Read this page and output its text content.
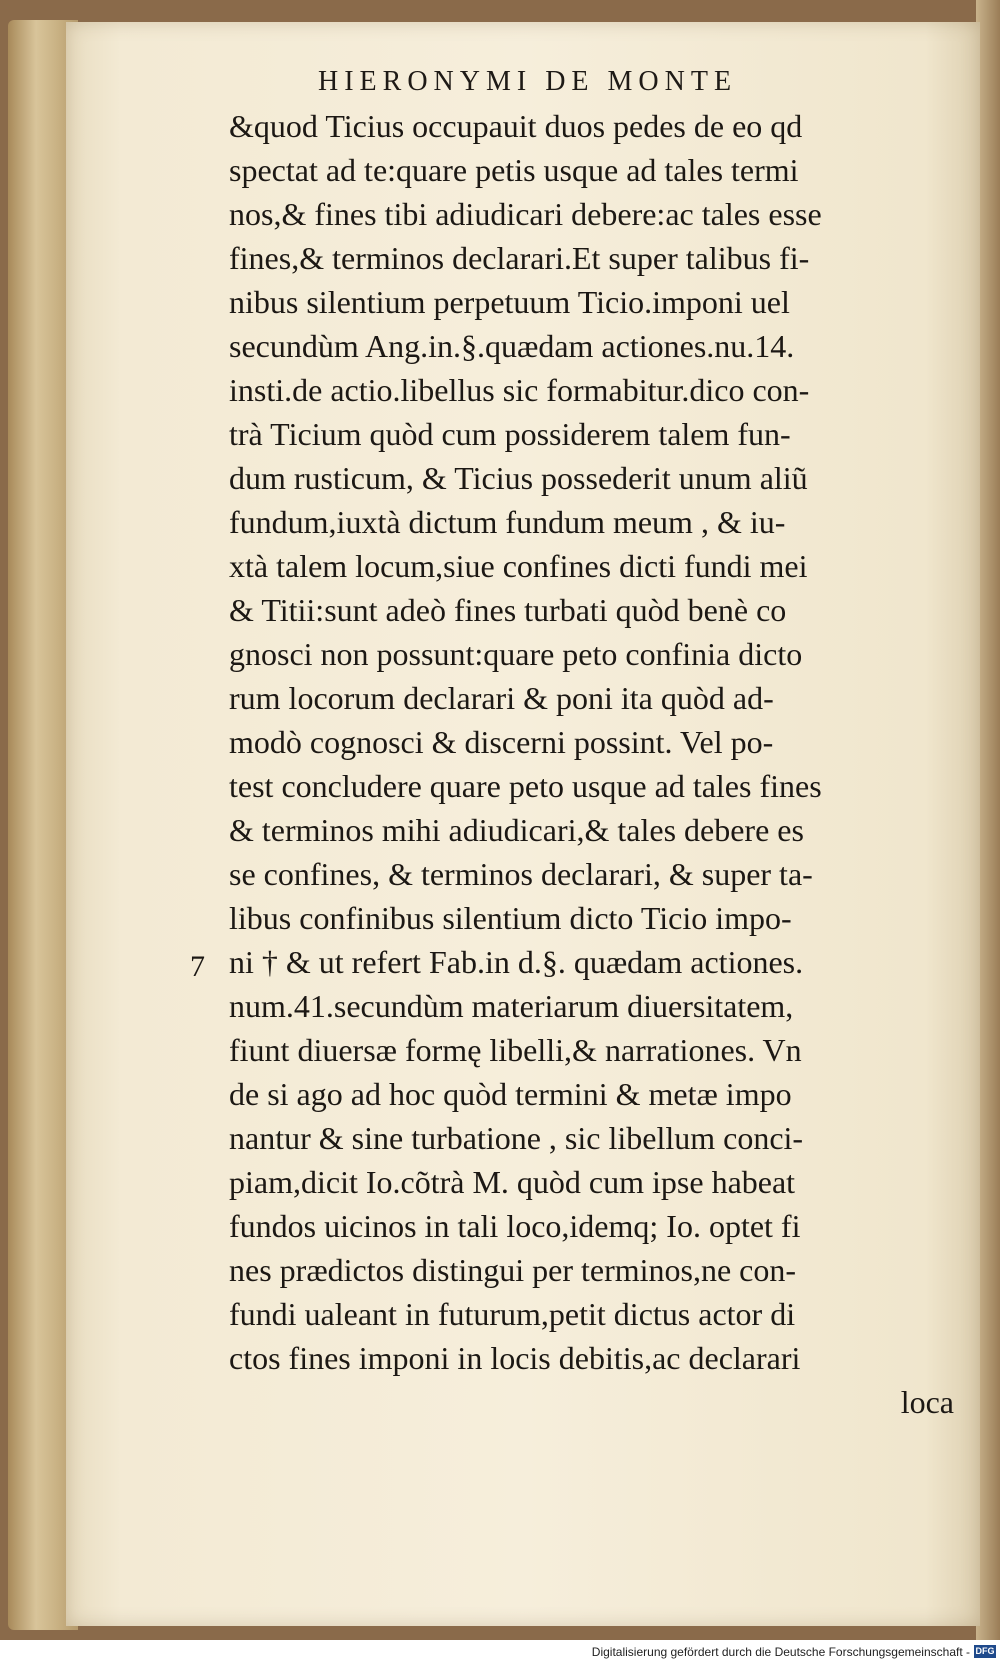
HIERONYMI DE MONTE
7
&quod Ticius occupauit duos pedes de eo qd
spectat ad te:quare petis usque ad tales termi
nos,& fines tibi adiudicari debere:ac tales esse
fines,& terminos declarari.Et super talibus fi-
nibus silentium perpetuum Ticio.imponi uel
secundùm Ang.in.§.quædam actiones.nu.14.
insti.de actio.libellus sic formabitur.dico con-
trà Ticium quòd cum possiderem talem fun-
dum rusticum, & Ticius possederit unum aliũ
fundum,iuxtà dictum fundum meum , & iu-
xtà talem locum,siue confines dicti fundi mei
& Titii:sunt adeò fines turbati quòd benè co
gnosci non possunt:quare peto confinia dicto
rum locorum declarari & poni ita quòd ad-
modò cognosci & discerni possint. Vel po-
test concludere quare peto usque ad tales fines
& terminos mihi adiudicari,& tales debere es
se confines, & terminos declarari, & super ta-
libus confinibus silentium dicto Ticio impo-
ni † & ut refert Fab.in d.§. quædam actiones.
num.41.secundùm materiarum diuersitatem,
fiunt diuersæ formę libelli,& narrationes. Vn
de si ago ad hoc quòd termini & metæ impo
nantur & sine turbatione , sic libellum conci-
piam,dicit Io.cõtrà M. quòd cum ipse habeat
fundos uicinos in tali loco,idemq; Io. optet fi
nes prædictos distingui per terminos,ne con-
fundi ualeant in futurum,petit dictus actor di
ctos fines imponi in locis debitis,ac declarari
loca
Digitalisierung gefördert durch die Deutsche Forschungsgemeinschaft - DFG
